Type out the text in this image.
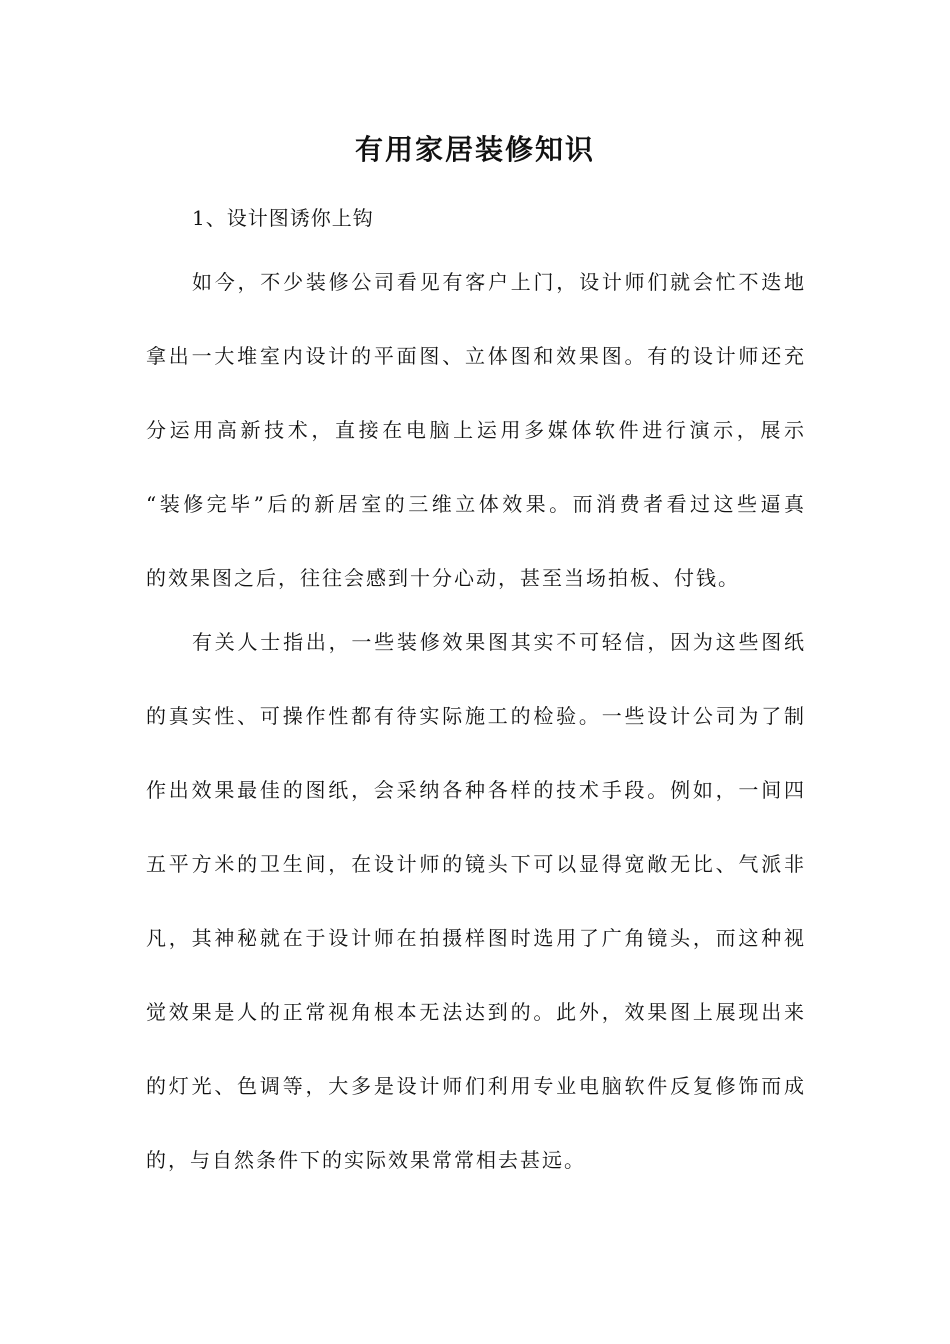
有用家居装修知识
1、设计图诱你上钩
如今，不少装修公司看见有客户上门，设计师们就会忙不迭地
拿出一大堆室内设计的平面图、立体图和效果图。有的设计师还充
分运用高新技术，直接在电脑上运用多媒体软件进行演示，展示
“装修完毕”后的新居室的三维立体效果。而消费者看过这些逼真
的效果图之后，往往会感到十分心动，甚至当场拍板、付钱。
有关人士指出，一些装修效果图其实不可轻信，因为这些图纸
的真实性、可操作性都有待实际施工的检验。一些设计公司为了制
作出效果最佳的图纸，会采纳各种各样的技术手段。例如，一间四
五平方米的卫生间，在设计师的镜头下可以显得宽敞无比、气派非
凡，其神秘就在于设计师在拍摄样图时选用了广角镜头，而这种视
觉效果是人的正常视角根本无法达到的。此外，效果图上展现出来
的灯光、色调等，大多是设计师们利用专业电脑软件反复修饰而成
的，与自然条件下的实际效果常常相去甚远。
